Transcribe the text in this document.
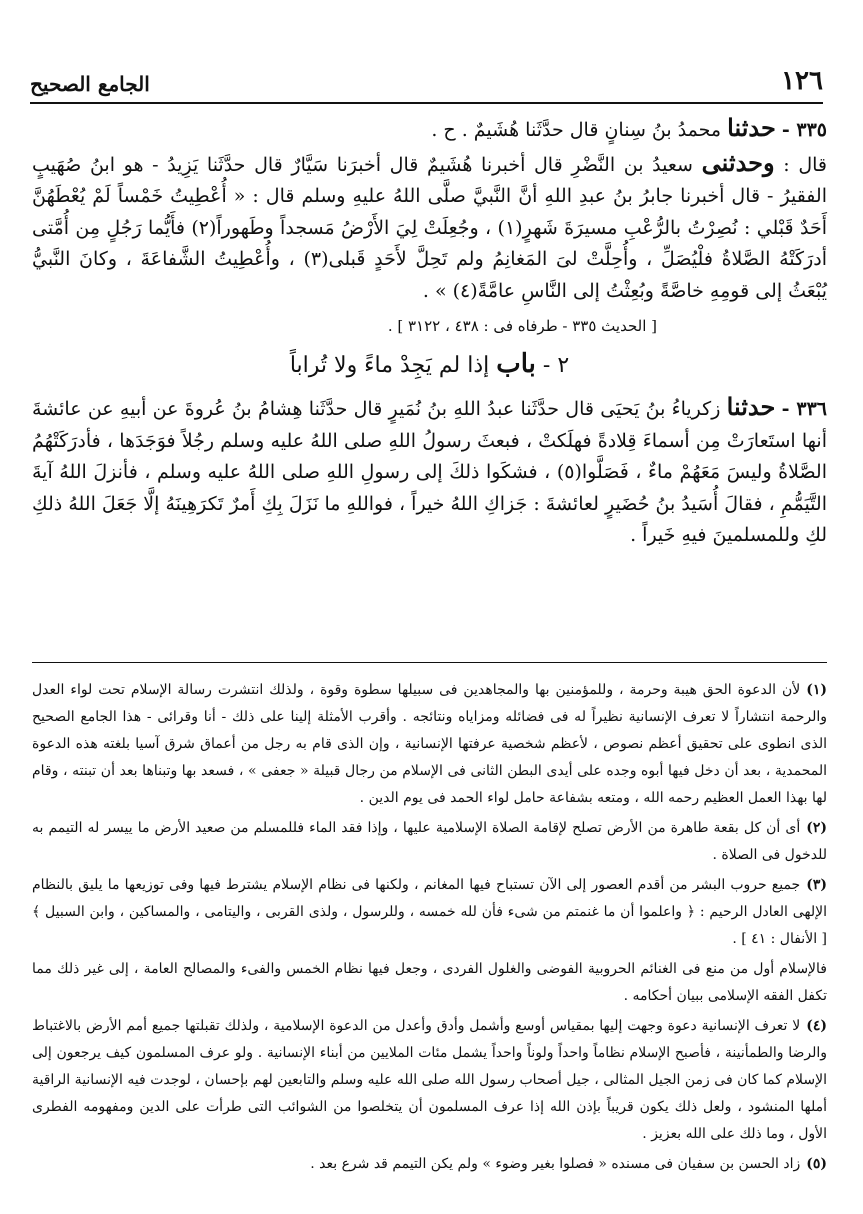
١٢٦
الجامع الصحيح

٣٣٥ - حدثنا محمدُ بنُ سِنانٍ قال حدَّثَنا هُشَيمٌ . ح .
قال : وحدثنى سعيدُ بن النَّضْرِ قال أخبرنا هُشَيمٌ قال أخبرَنا سَيَّارٌ قال حدَّثَنا يَزِيدُ - هو ابنُ صُهَيبٍ الفقيرُ - قال أخبرنا جابرُ بنُ عبدِ اللهِ أنَّ النَّبيَّ صلَّى اللهُ عليهِ وسلم قال : « أُعْطِيتُ خَمْساً لَمْ يُعْطَهُنَّ أَحَدٌ قَبْلي : نُصِرْتُ بالرُّعْبِ مسيرَةَ شَهرٍ(١) ، وجُعِلَتْ لِيَ الأَرْضُ مَسجداً وطَهوراً(٢) فأَيُّما رَجُلٍ مِن أُمَّتى أدرَكَتْهُ الصَّلاةُ فلْيُصَلِّ ، وأُحِلَّتْ لىَ المَغانِمُ ولم تَحِلَّ لأَحَدٍ قَبلى(٣) ، وأُعْطِيتُ الشَّفاعَةَ ، وكانَ النَّبيُّ يُبْعَثُ إلى قومِهِ خاصَّةً وبُعِثْتُ إلى النَّاسِ عامَّةً(٤) » .

[ الحديث ٣٣٥ - طرفاه فى : ٤٣٨ ، ٣١٢٢ ] .

٢ - باب إذا لم يَجِدْ ماءً ولا تُراباً

٣٣٦ - حدثنا زكرياءُ بنُ يَحيَى قال حدَّثَنا عبدُ اللهِ بنُ نُمَيرٍ قال حدَّثَنا هِشامُ بنُ عُروةَ عن أبيهِ عن عائشةَ أنها استَعارَتْ مِن أسماءَ قِلادةً فهلَكتْ ، فبعثَ رسولُ اللهِ صلى اللهُ عليه وسلم رجُلاً فوَجَدَها ، فأدرَكَتْهُمُ الصَّلاةُ وليسَ مَعَهُمْ ماءٌ ، فَصَلَّوا(٥) ، فشكَوا ذلكَ إلى رسولِ اللهِ صلى اللهُ عليه وسلم ، فأنزلَ اللهُ آيةَ التَّيَمُّمِ ، فقالَ أُسَيدُ بنُ حُضَيرٍ لعائشةَ : جَزاكِ اللهُ خيراً ، فواللهِ ما نَزَلَ بِكِ أَمرٌ تَكرَهِينَهُ إلَّا جَعَلَ اللهُ ذلكِ لكِ وللمسلمينَ فيهِ خَيراً .

(١)لأن الدعوة الحق هيبة وحرمة ، وللمؤمنين بها والمجاهدين فى سبيلها سطوة وقوة ، ولذلك انتشرت رسالة الإسلام تحت لواء العدل والرحمة انتشاراً لا تعرف الإنسانية نظيراً له فى فضائله ومزاياه ونتائجه . وأقرب الأمثلة إلينا على ذلك - أنا وقرائى - هذا الجامع الصحيح الذى انطوى على تحقيق أعظم نصوص ، لأعظم شخصية عرفتها الإنسانية ، وإن الذى قام به رجل من أعماق شرق آسيا بلغته هذه الدعوة المحمدية ، بعد أن دخل فيها أبوه وجده على أيدى البطن الثانى فى الإسلام من رجال قبيلة « جعفى » ، فسعد بها وتبناها بعد أن تبنته ، وقام لها بهذا العمل العظيم رحمه الله ، ومتعه بشفاعة حامل لواء الحمد فى يوم الدين .

(٢)أى أن كل بقعة طاهرة من الأرض تصلح لإقامة الصلاة الإسلامية عليها ، وإذا فقد الماء فللمسلم من صعيد الأرض ما ييسر له التيمم به للدخول فى الصلاة .

(٣)جميع حروب البشر من أقدم العصور إلى الآن تستباح فيها المغانم ، ولكنها فى نظام الإسلام يشترط فيها وفى توزيعها ما يليق بالنظام الإلهى العادل الرحيم : ﴿ واعلموا أن ما غنمتم من شىء فأن لله خمسه ، وللرسول ، ولذى القربى ، واليتامى ، والمساكين ، وابن السبيل ﴾ [ الأنفال : ٤١ ] .

فالإسلام أول من منع فى الغنائم الحروبية الفوضى والغلول الفردى ، وجعل فيها نظام الخمس والفىء والمصالح العامة ، إلى غير ذلك مما تكفل الفقه الإسلامى ببيان أحكامه .

(٤)لا تعرف الإنسانية دعوة وجهت إليها بمقياس أوسع وأشمل وأدق وأعدل من الدعوة الإسلامية ، ولذلك تقبلتها جميع أمم الأرض بالاغتباط والرضا والطمأنينة ، فأصبح الإسلام نظاماً واحداً ولوناً واحداً يشمل مئات الملايين من أبناء الإنسانية . ولو عرف المسلمون كيف يرجعون إلى الإسلام كما كان فى زمن الجيل المثالى ، جيل أصحاب رسول الله صلى الله عليه وسلم والتابعين لهم بإحسان ، لوجدت فيه الإنسانية الراقية أملها المنشود ، ولعل ذلك يكون قريباً بإذن الله إذا عرف المسلمون أن يتخلصوا من الشوائب التى طرأت على الدين ومفهومه الفطرى الأول ، وما ذلك على الله بعزيز .

(٥)زاد الحسن بن سفيان فى مسنده « فصلوا بغير وضوء » ولم يكن التيمم قد شرع بعد .
